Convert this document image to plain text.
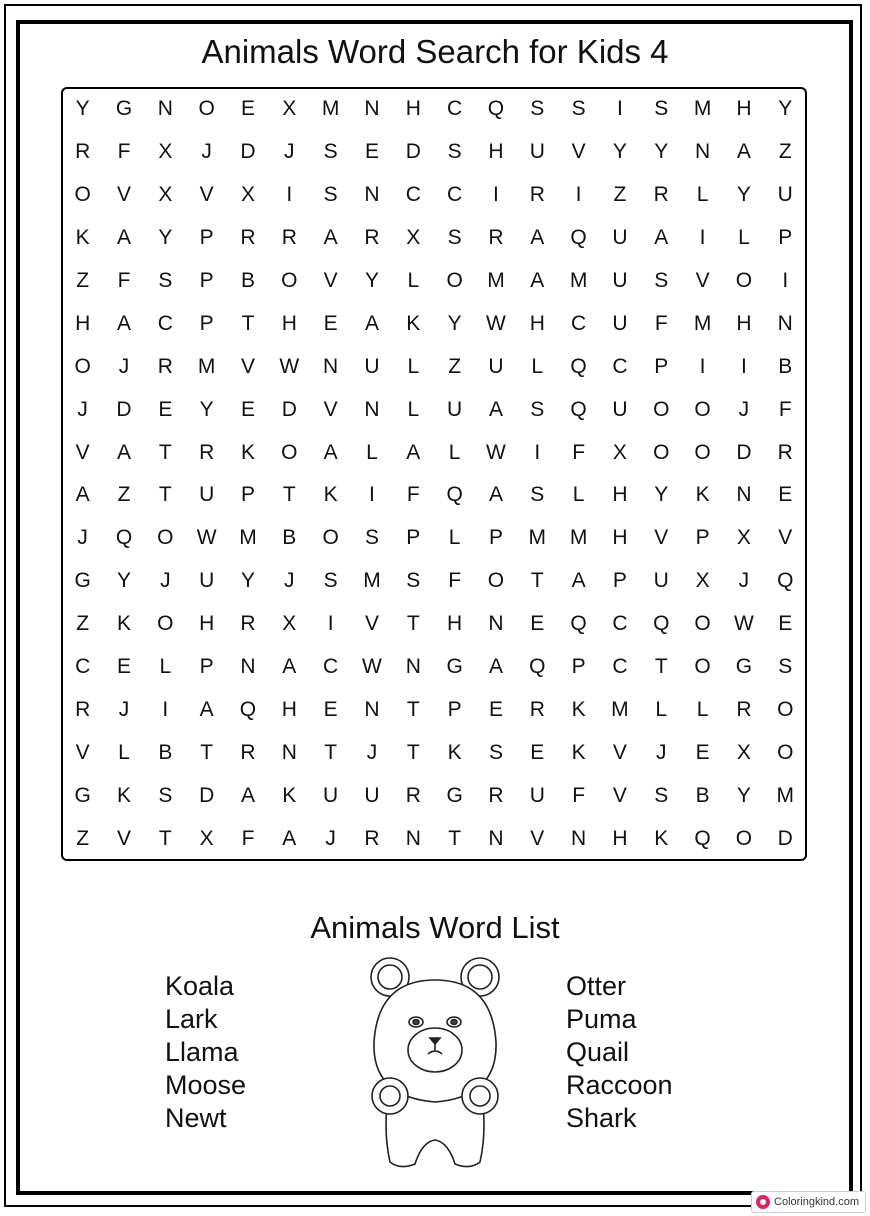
Animals Word Search for Kids 4
Y	G	N	O	E	X	M	N	H	C	Q	S	S	I	S	M	H	Y
R	F	X	J	D	J	S	E	D	S	H	U	V	Y	Y	N	A	Z
O	V	X	V	X	I	S	N	C	C	I	R	I	Z	R	L	Y	U
K	A	Y	P	R	R	A	R	X	S	R	A	Q	U	A	I	L	P
Z	F	S	P	B	O	V	Y	L	O	M	A	M	U	S	V	O	I
H	A	C	P	T	H	E	A	K	Y	W	H	C	U	F	M	H	N
O	J	R	M	V	W	N	U	L	Z	U	L	Q	C	P	I	I	B
J	D	E	Y	E	D	V	N	L	U	A	S	Q	U	O	O	J	F
V	A	T	R	K	O	A	L	A	L	W	I	F	X	O	O	D	R
A	Z	T	U	P	T	K	I	F	Q	A	S	L	H	Y	K	N	E
J	Q	O	W	M	B	O	S	P	L	P	M	M	H	V	P	X	V
G	Y	J	U	Y	J	S	M	S	F	O	T	A	P	U	X	J	Q
Z	K	O	H	R	X	I	V	T	H	N	E	Q	C	Q	O	W	E
C	E	L	P	N	A	C	W	N	G	A	Q	P	C	T	O	G	S
R	J	I	A	Q	H	E	N	T	P	E	R	K	M	L	L	R	O
V	L	B	T	R	N	T	J	T	K	S	E	K	V	J	E	X	O
G	K	S	D	A	K	U	U	R	G	R	U	F	V	S	B	Y	M
Z	V	T	X	F	A	J	R	N	T	N	V	N	H	K	Q	O	D
Animals Word List
Koala
Lark
Llama
Moose
Newt
Otter
Puma
Quail
Raccoon
Shark
Coloringkind.com
